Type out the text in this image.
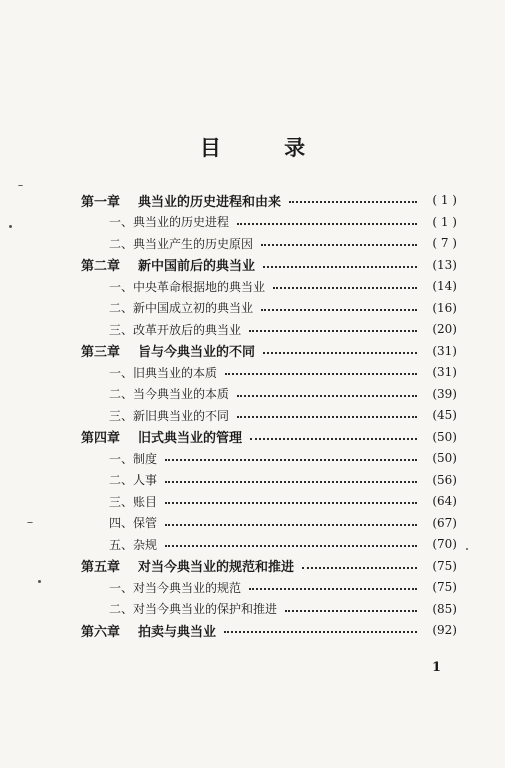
目 录
第一章	典当业的历史进程和由来	( 1 )
一、典当业的历史进程	( 1 )
二、典当业产生的历史原因	( 7 )
第二章	新中国前后的典当业	(13)
一、中央革命根据地的典当业	(14)
二、新中国成立初的典当业	(16)
三、改革开放后的典当业	(20)
第三章	旨与今典当业的不同	(31)
一、旧典当业的本质	(31)
二、当今典当业的本质	(39)
三、新旧典当业的不同	(45)
第四章	旧式典当业的管理	(50)
一、制度	(50)
二、人事	(56)
三、账目	(64)
四、保管	(67)
五、杂规	(70)
第五章	对当今典当业的规范和推进	(75)
一、对当今典当业的规范	(75)
二、对当今典当业的保护和推进	(85)
第六章	拍卖与典当业	(92)
1
